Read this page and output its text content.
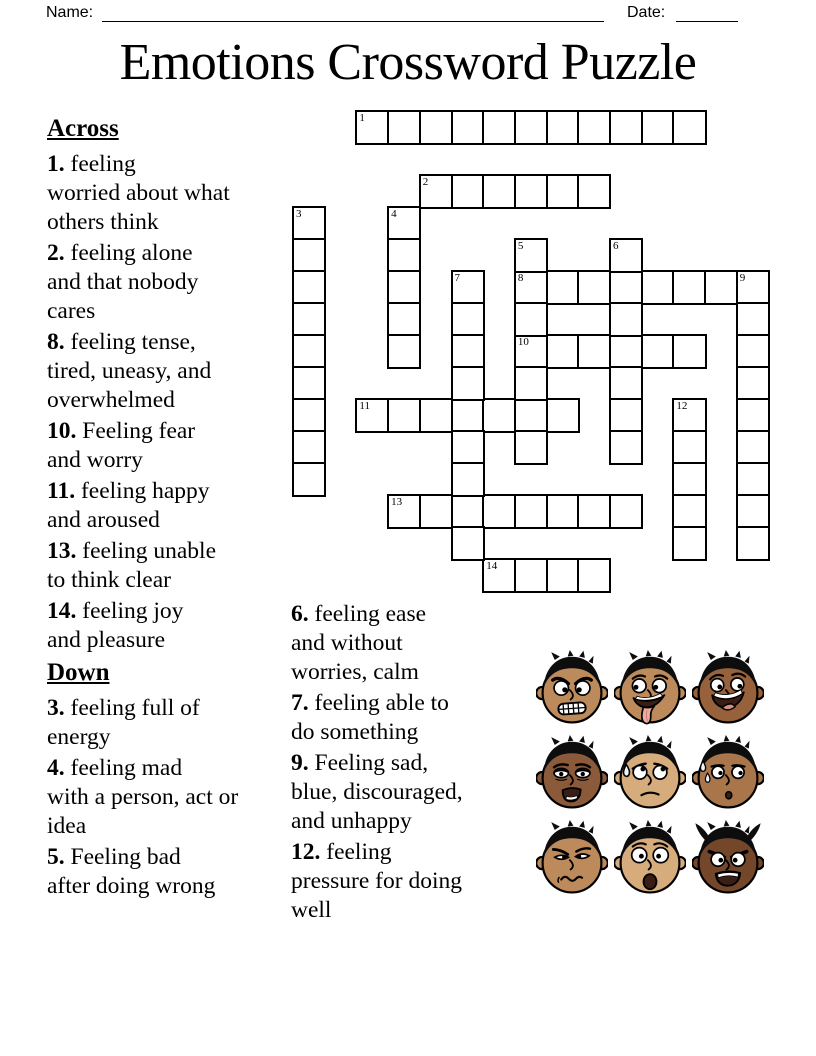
Name:	Date:
Emotions Crossword Puzzle
Across
1. feeling
worried about what
others think
2. feeling alone
and that nobody
cares
8. feeling tense,
tired, uneasy, and
overwhelmed
10. Feeling fear
and worry
11. feeling happy
and aroused
13. feeling unable
to think clear
14. feeling joy
and pleasure
Down
3. feeling full of
energy
4. feeling mad
with a person, act or
idea
5. Feeling bad
after doing wrong
6. feeling ease
and without
worries, calm
7. feeling able to
do something
9. Feeling sad,
blue, discouraged,
and unhappy
12. feeling
pressure for doing
well
1
2
8	9
10
11
13
14
3	4
5	6
7
12
